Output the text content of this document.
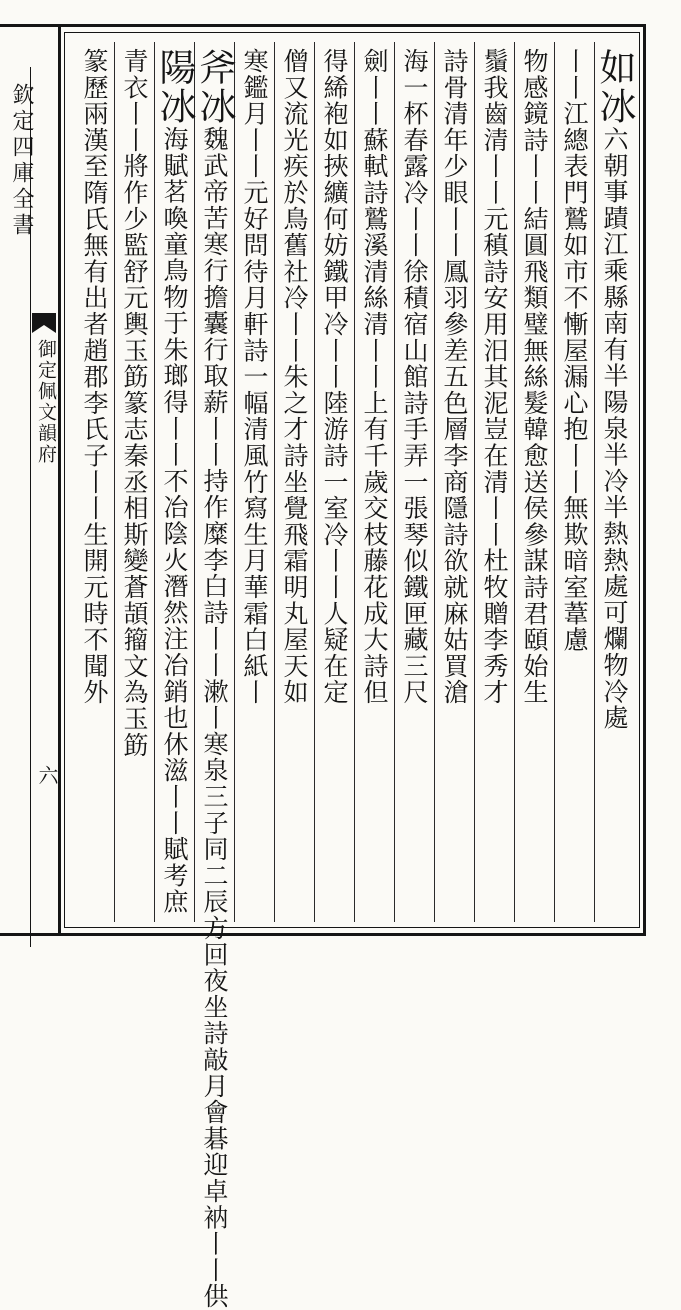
欽定四庫全書
御定佩文韻府
六
如冰六朝事蹟江乘縣南有半陽泉半冷半熱熱處可爛物冷處
丨丨江總表門鷲如市不慚屋漏心抱丨丨無欺暗室葦慮
物感鏡詩丨丨結圓飛類璧無絲髮韓愈送侯參謀詩君頤始生
鬚我齒清丨丨元稹詩安用汨其泥豈在清丨丨杜牧贈李秀才
詩骨清年少眼丨丨鳳羽參差五色層李商隱詩欲就麻姑買滄
海一杯春露冷丨丨徐積宿山館詩手弄一張琴似鐵匣藏三尺
劍丨丨蘇軾詩鷲溪清絲清丨丨上有千歲交枝藤花成大詩但
得絺袍如挾纊何妨鐵甲冷丨丨陸游詩一室冷丨丨人疑在定
僧又流光疾於鳥舊社冷丨丨朱之才詩坐覺飛霜明丸屋天如
寒鑑月丨丨元好問待月軒詩一幅清風竹寫生月華霜白紙丨
斧冰魏武帝苦寒行擔囊行取薪丨丨持作糜李白詩丨丨漱丨寒泉三子同二辰方回夜坐詩敲月會碁迎卓衲丨丨供
陽冰海賦茗喚童鳥物于朱瑯得丨丨不冶陰火潛然注冶銷也休滋丨丨賦考庶
青衣丨丨將作少監舒元輿玉筯篆志秦丞相斯變蒼頡籀文為玉筯
篆歷兩漢至隋氏無有出者趙郡李氏子丨丨生開元時不聞外
